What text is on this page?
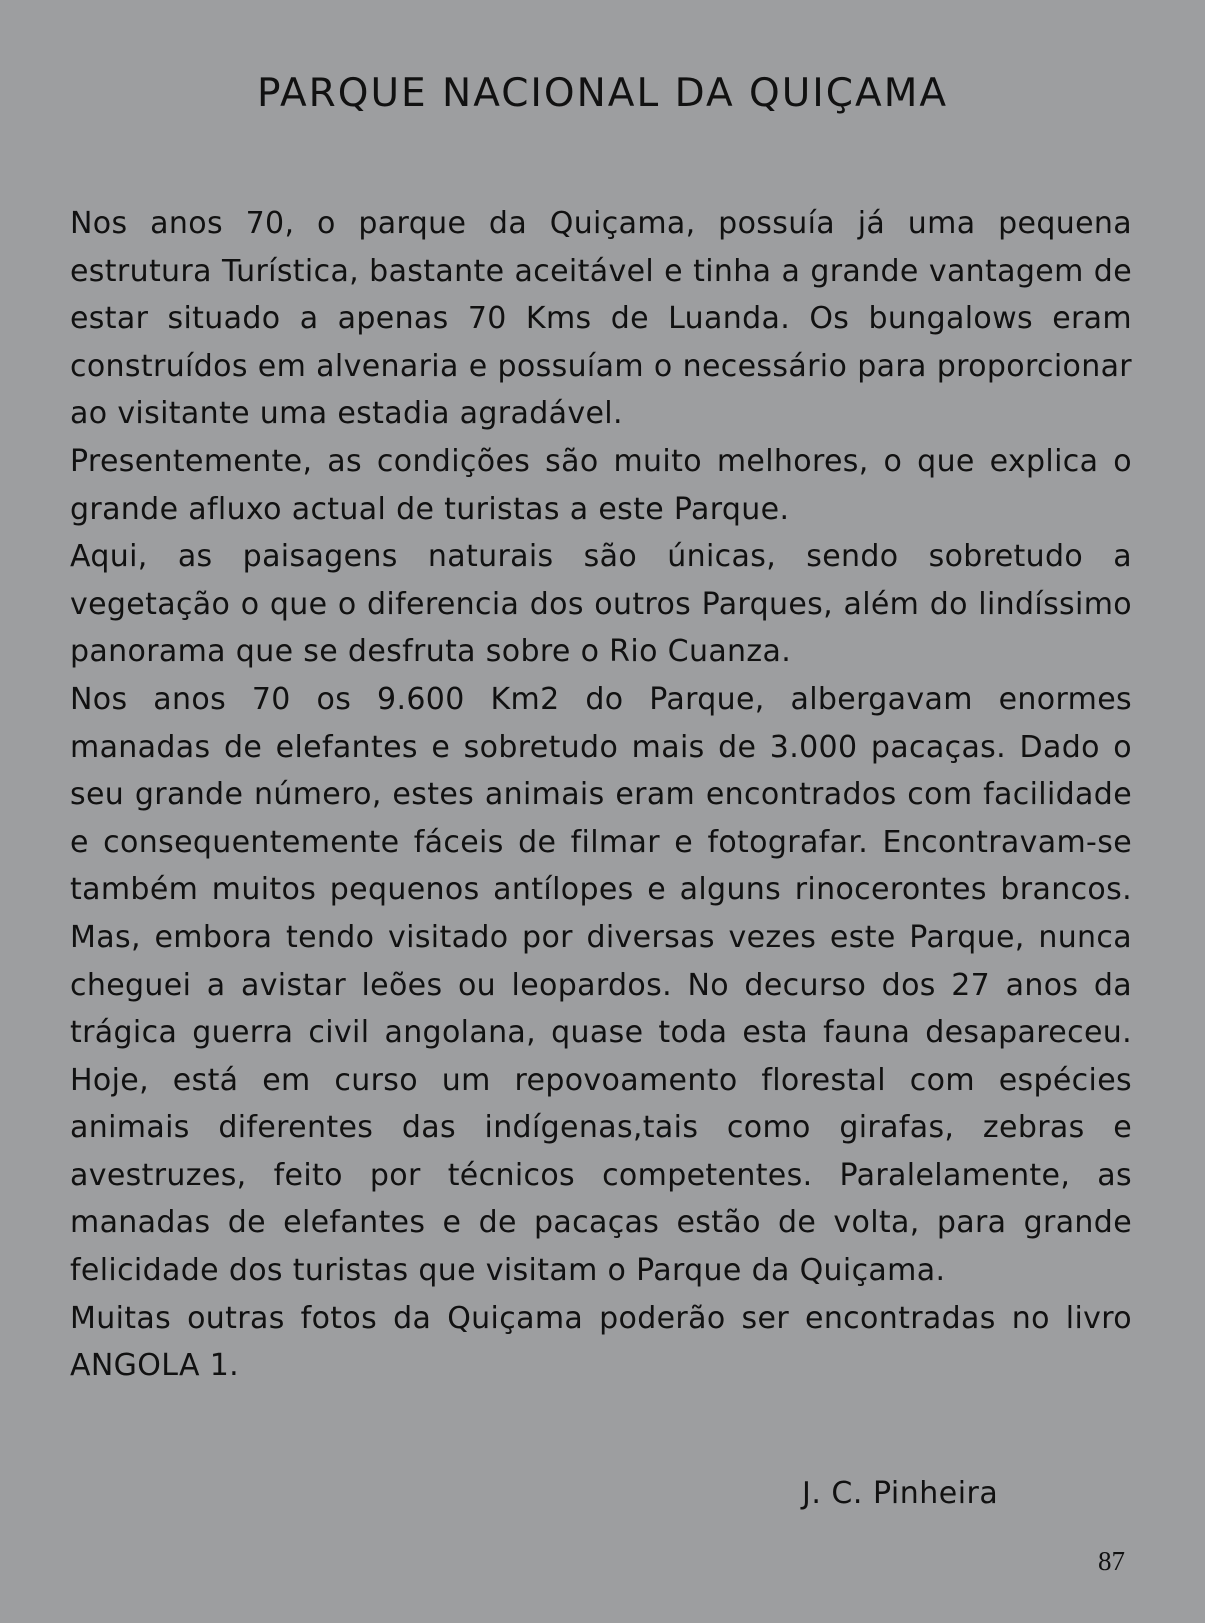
PARQUE NACIONAL DA QUIÇAMA

Nos anos 70, o parque da Quiçama, possuía já uma pequena estrutura Turística, bastante aceitável e tinha a grande vantagem de estar situado a apenas 70 Kms de Luanda. Os bungalows eram construídos em alvenaria e possuíam o necessário para proporcionar ao visitante uma estadia agradável.

Presentemente, as condições são muito melhores, o que explica o grande afluxo actual de turistas a este Parque.

Aqui, as paisagens naturais são únicas, sendo sobretudo a vegetação o que o diferencia dos outros Parques, além do lindíssimo panorama que se desfruta sobre o Rio Cuanza.

Nos anos 70 os 9.600 Km2 do Parque, albergavam enormes manadas de elefantes e sobretudo mais de 3.000 pacaças. Dado o seu grande número, estes animais eram encontrados com facilidade e consequentemente fáceis de filmar e fotografar. Encontravam-se também muitos pequenos antílopes e alguns rinocerontes brancos. Mas, embora tendo visitado por diversas vezes este Parque, nunca cheguei a avistar leões ou leopardos. No decurso dos 27 anos da trágica guerra civil angolana, quase toda esta fauna desapareceu. Hoje, está em curso um repovoamento florestal com espécies animais diferentes das indígenas,tais como girafas, zebras e avestruzes, feito por técnicos competentes. Paralelamente, as manadas de elefantes e de pacaças estão de volta, para grande felicidade dos turistas que visitam o Parque da Quiçama.

Muitas outras fotos da Quiçama poderão ser encontradas no livro ANGOLA 1.

J. C. Pinheira
87
